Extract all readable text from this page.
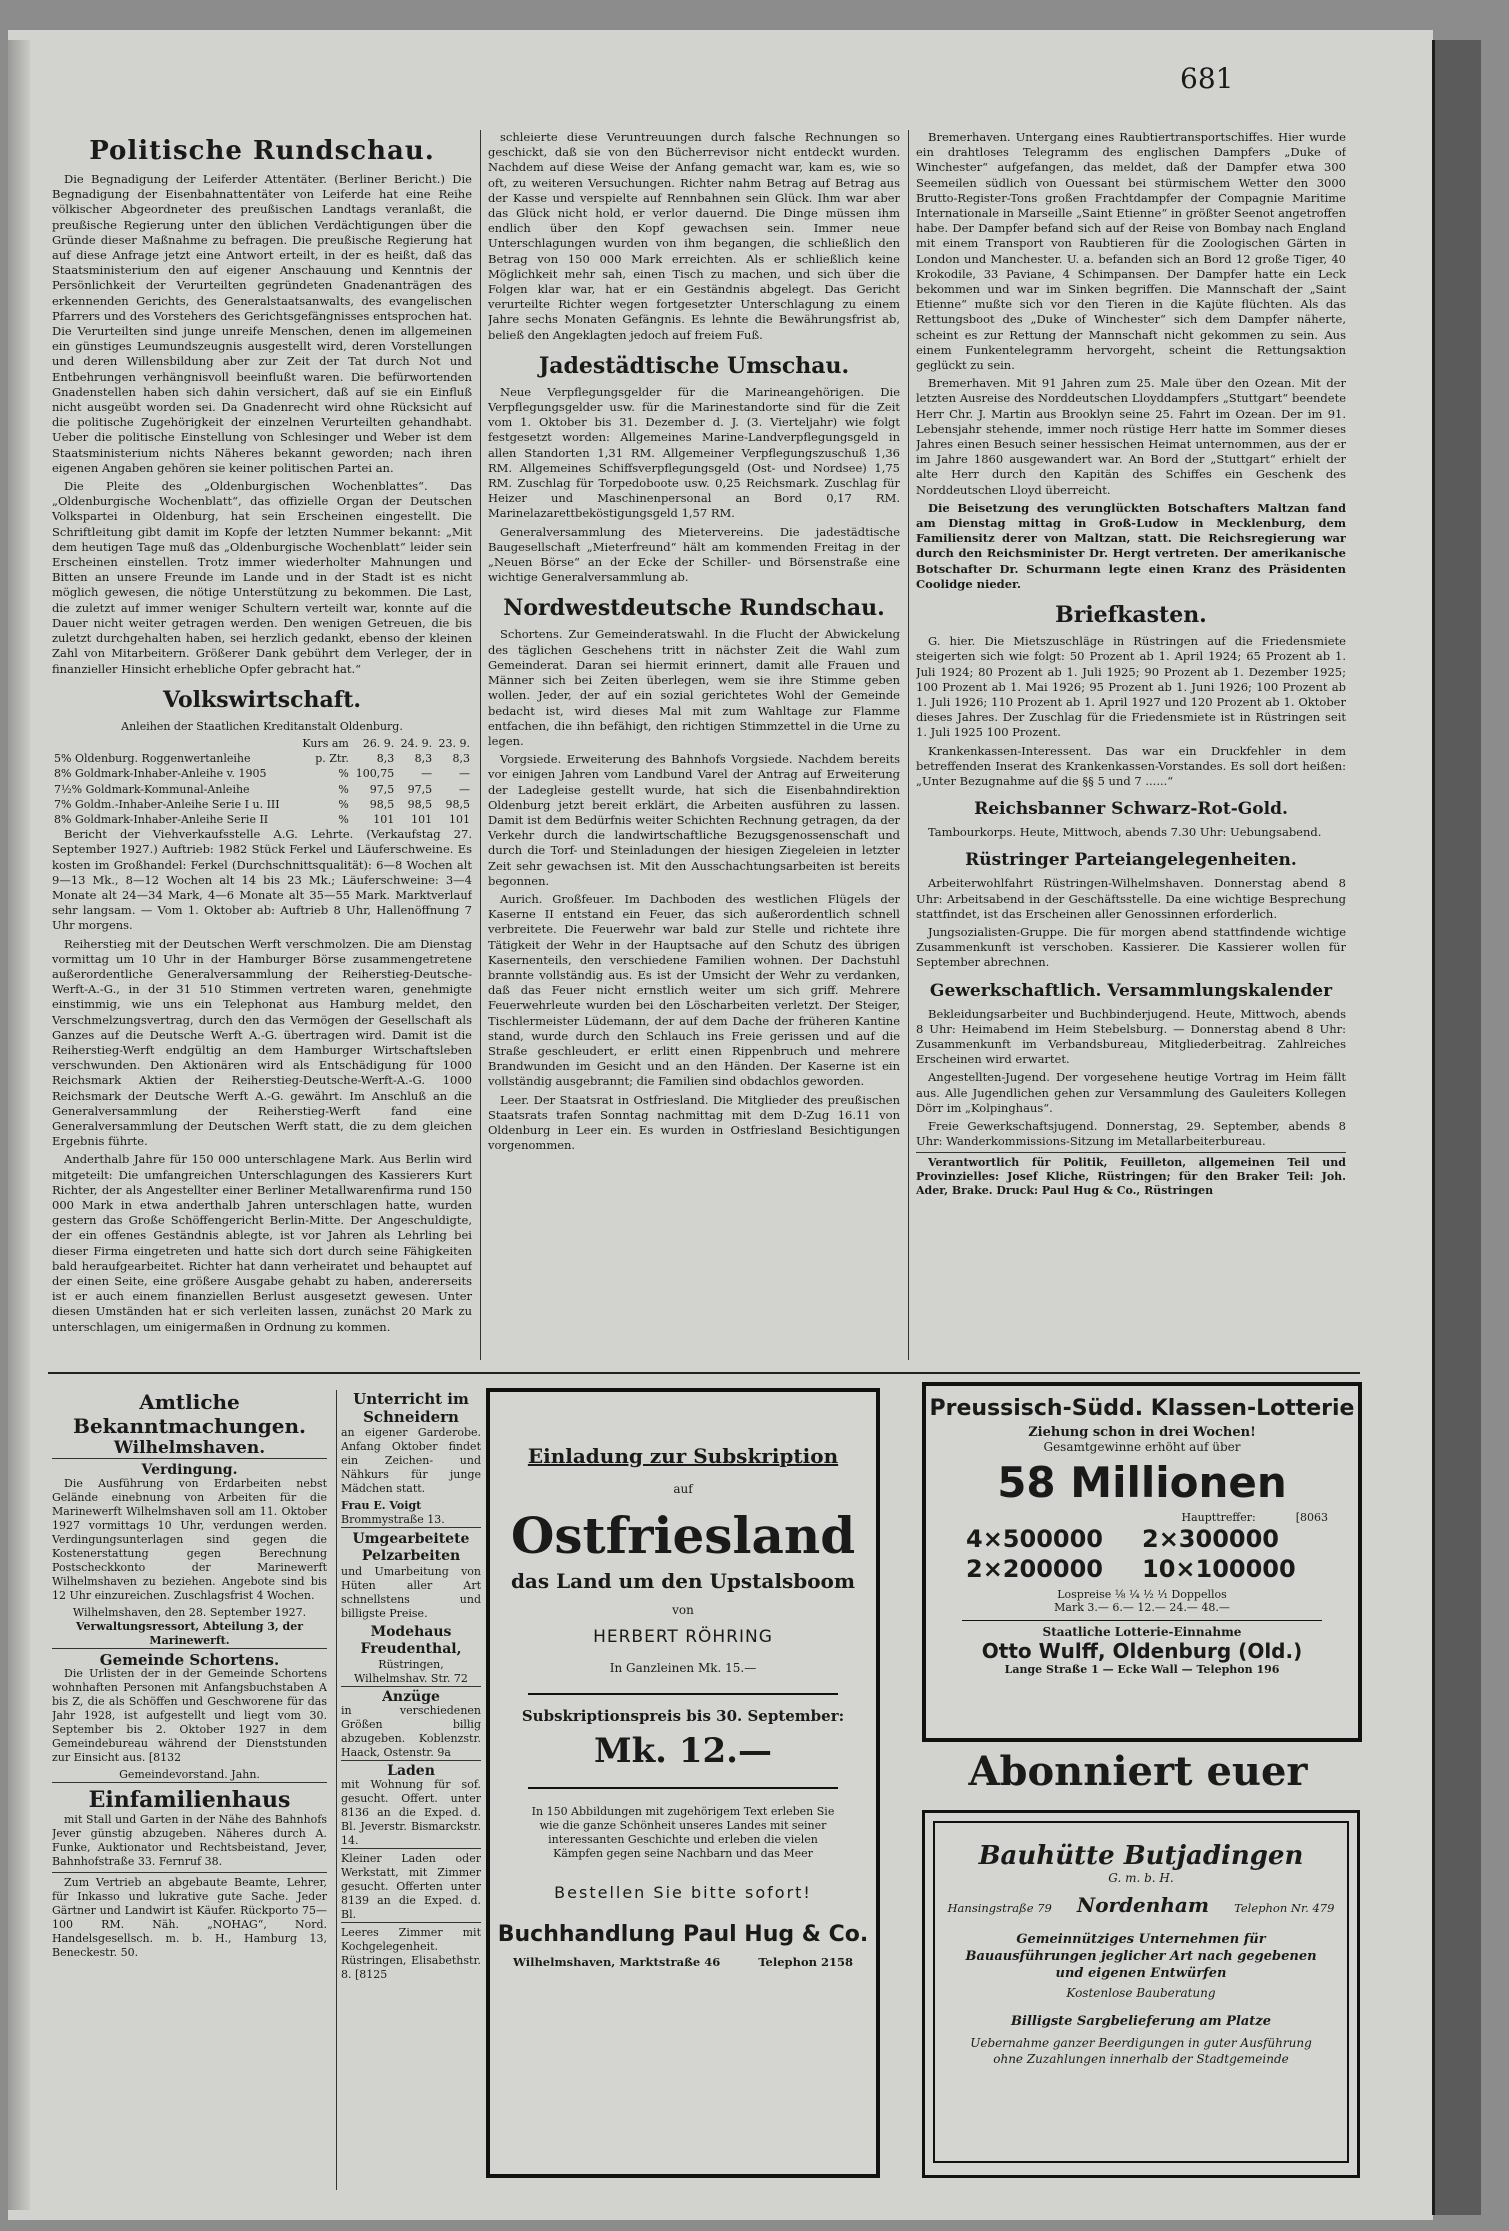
681
Politische Rundschau.

Die Begnadigung der Leiferder Attentäter. (Berliner Bericht.) Die Begnadigung der Eisenbahnattentäter von Leiferde hat eine Reihe völkischer Abgeordneter des preußischen Landtags veranlaßt, die preußische Regierung unter den üblichen Verdächtigungen über die Gründe dieser Maßnahme zu befragen. Die preußische Regierung hat auf diese Anfrage jetzt eine Antwort erteilt, in der es heißt, daß das Staatsministerium den auf eigener Anschauung und Kenntnis der Persönlichkeit der Verurteilten gegründeten Gnadenanträgen des erkennenden Gerichts, des Generalstaatsanwalts, des evangelischen Pfarrers und des Vorstehers des Gerichtsgefängnisses entsprochen hat. Die Verurteilten sind junge unreife Menschen, denen im allgemeinen ein günstiges Leumundszeugnis ausgestellt wird, deren Vorstellungen und deren Willensbildung aber zur Zeit der Tat durch Not und Entbehrungen verhängnisvoll beeinflußt waren. Die befürwortenden Gnadenstellen haben sich dahin versichert, daß auf sie ein Einfluß nicht ausgeübt worden sei. Da Gnadenrecht wird ohne Rücksicht auf die politische Zugehörigkeit der einzelnen Verurteilten gehandhabt. Ueber die politische Einstellung von Schlesinger und Weber ist dem Staatsministerium nichts Näheres bekannt geworden; nach ihren eigenen Angaben gehören sie keiner politischen Partei an.

Die Pleite des „Oldenburgischen Wochenblattes“. Das „Oldenburgische Wochenblatt“, das offizielle Organ der Deutschen Volkspartei in Oldenburg, hat sein Erscheinen eingestellt. Die Schriftleitung gibt damit im Kopfe der letzten Nummer bekannt: „Mit dem heutigen Tage muß das „Oldenburgische Wochenblatt“ leider sein Erscheinen einstellen. Trotz immer wiederholter Mahnungen und Bitten an unsere Freunde im Lande und in der Stadt ist es nicht möglich gewesen, die nötige Unterstützung zu bekommen. Die Last, die zuletzt auf immer weniger Schultern verteilt war, konnte auf die Dauer nicht weiter getragen werden. Den wenigen Getreuen, die bis zuletzt durchgehalten haben, sei herzlich gedankt, ebenso der kleinen Zahl von Mitarbeitern. Größerer Dank gebührt dem Verleger, der in finanzieller Hinsicht erhebliche Opfer gebracht hat.“

Volkswirtschaft.
Anleihen der Staatlichen Kreditanstalt Oldenburg.
	Kurs am	26. 9.	24. 9.	23. 9.
5% Oldenburg. Roggenwertanleihe	p. Ztr.	8,3	8,3	8,3
8% Goldmark-Inhaber-Anleihe v. 1905	%	100,75	—	—
7½% Goldmark-Kommunal-Anleihe	%	97,5	97,5	—
7% Goldm.-Inhaber-Anleihe Serie I u. III	%	98,5	98,5	98,5
8% Goldmark-Inhaber-Anleihe Serie II	%	101	101	101

Bericht der Viehverkaufsstelle A.G. Lehrte. (Verkaufstag 27. September 1927.) Auftrieb: 1982 Stück Ferkel und Läuferschweine. Es kosten im Großhandel: Ferkel (Durchschnittsqualität): 6—8 Wochen alt 9—13 Mk., 8—12 Wochen alt 14 bis 23 Mk.; Läuferschweine: 3—4 Monate alt 24—34 Mark, 4—6 Monate alt 35—55 Mark. Marktverlauf sehr langsam. — Vom 1. Oktober ab: Auftrieb 8 Uhr, Hallenöffnung 7 Uhr morgens.

Reiherstieg mit der Deutschen Werft verschmolzen. Die am Dienstag vormittag um 10 Uhr in der Hamburger Börse zusammengetretene außerordentliche Generalversammlung der Reiherstieg-Deutsche-Werft-A.-G., in der 31 510 Stimmen vertreten waren, genehmigte einstimmig, wie uns ein Telephonat aus Hamburg meldet, den Verschmelzungsvertrag, durch den das Vermögen der Gesellschaft als Ganzes auf die Deutsche Werft A.-G. übertragen wird. Damit ist die Reiherstieg-Werft endgültig an dem Hamburger Wirtschaftsleben verschwunden. Den Aktionären wird als Entschädigung für 1000 Reichsmark Aktien der Reiherstieg-Deutsche-Werft-A.-G. 1000 Reichsmark der Deutsche Werft A.-G. gewährt. Im Anschluß an die Generalversammlung der Reiherstieg-Werft fand eine Generalversammlung der Deutschen Werft statt, die zu dem gleichen Ergebnis führte.

Anderthalb Jahre für 150 000 unterschlagene Mark. Aus Berlin wird mitgeteilt: Die umfangreichen Unterschlagungen des Kassierers Kurt Richter, der als Angestellter einer Berliner Metallwarenfirma rund 150 000 Mark in etwa anderthalb Jahren unterschlagen hatte, wurden gestern das Große Schöffengericht Berlin-Mitte. Der Angeschuldigte, der ein offenes Geständnis ablegte, ist vor Jahren als Lehrling bei dieser Firma eingetreten und hatte sich dort durch seine Fähigkeiten bald heraufgearbeitet. Richter hat dann verheiratet und behauptet auf der einen Seite, eine größere Ausgabe gehabt zu haben, andererseits ist er auch einem finanziellen Berlust ausgesetzt gewesen. Unter diesen Umständen hat er sich verleiten lassen, zunächst 20 Mark zu unterschlagen, um einigermaßen in Ordnung zu kommen.

schleierte diese Veruntreuungen durch falsche Rechnungen so geschickt, daß sie von den Bücherrevisor nicht entdeckt wurden. Nachdem auf diese Weise der Anfang gemacht war, kam es, wie so oft, zu weiteren Versuchungen. Richter nahm Betrag auf Betrag aus der Kasse und verspielte auf Rennbahnen sein Glück. Ihm war aber das Glück nicht hold, er verlor dauernd. Die Dinge müssen ihm endlich über den Kopf gewachsen sein. Immer neue Unterschlagungen wurden von ihm begangen, die schließlich den Betrag von 150 000 Mark erreichten. Als er schließlich keine Möglichkeit mehr sah, einen Tisch zu machen, und sich über die Folgen klar war, hat er ein Geständnis abgelegt. Das Gericht verurteilte Richter wegen fortgesetzter Unterschlagung zu einem Jahre sechs Monaten Gefängnis. Es lehnte die Bewährungsfrist ab, beließ den Angeklagten jedoch auf freiem Fuß.

Jadestädtische Umschau.

Neue Verpflegungsgelder für die Marineangehörigen. Die Verpflegungsgelder usw. für die Marinestandorte sind für die Zeit vom 1. Oktober bis 31. Dezember d. J. (3. Vierteljahr) wie folgt festgesetzt worden: Allgemeines Marine-Landverpflegungsgeld in allen Standorten 1,31 RM. Allgemeiner Verpflegungszuschuß 1,36 RM. Allgemeines Schiffsverpflegungsgeld (Ost- und Nordsee) 1,75 RM. Zuschlag für Torpedoboote usw. 0,25 Reichsmark. Zuschlag für Heizer und Maschinenpersonal an Bord 0,17 RM. Marinelazarettbeköstigungsgeld 1,57 RM.

Generalversammlung des Mietervereins. Die jadestädtische Baugesellschaft „Mieterfreund“ hält am kommenden Freitag in der „Neuen Börse“ an der Ecke der Schiller- und Börsenstraße eine wichtige Generalversammlung ab.

Nordwestdeutsche Rundschau.

Schortens. Zur Gemeinderatswahl. In die Flucht der Abwickelung des täglichen Geschehens tritt in nächster Zeit die Wahl zum Gemeinderat. Daran sei hiermit erinnert, damit alle Frauen und Männer sich bei Zeiten überlegen, wem sie ihre Stimme geben wollen. Jeder, der auf ein sozial gerichtetes Wohl der Gemeinde bedacht ist, wird dieses Mal mit zum Wahltage zur Flamme entfachen, die ihn befähigt, den richtigen Stimmzettel in die Urne zu legen.

Vorgsiede. Erweiterung des Bahnhofs Vorgsiede. Nachdem bereits vor einigen Jahren vom Landbund Varel der Antrag auf Erweiterung der Ladegleise gestellt wurde, hat sich die Eisenbahndirektion Oldenburg jetzt bereit erklärt, die Arbeiten ausführen zu lassen. Damit ist dem Bedürfnis weiter Schichten Rechnung getragen, da der Verkehr durch die landwirtschaftliche Bezugsgenossenschaft und durch die Torf- und Steinladungen der hiesigen Ziegeleien in letzter Zeit sehr gewachsen ist. Mit den Ausschachtungsarbeiten ist bereits begonnen.

Aurich. Großfeuer. Im Dachboden des westlichen Flügels der Kaserne II entstand ein Feuer, das sich außerordentlich schnell verbreitete. Die Feuerwehr war bald zur Stelle und richtete ihre Tätigkeit der Wehr in der Hauptsache auf den Schutz des übrigen Kasernenteils, den verschiedene Familien wohnen. Der Dachstuhl brannte vollständig aus. Es ist der Umsicht der Wehr zu verdanken, daß das Feuer nicht ernstlich weiter um sich griff. Mehrere Feuerwehrleute wurden bei den Löscharbeiten verletzt. Der Steiger, Tischlermeister Lüdemann, der auf dem Dache der früheren Kantine stand, wurde durch den Schlauch ins Freie gerissen und auf die Straße geschleudert, er erlitt einen Rippenbruch und mehrere Brandwunden im Gesicht und an den Händen. Der Kaserne ist ein vollständig ausgebrannt; die Familien sind obdachlos geworden.

Leer. Der Staatsrat in Ostfriesland. Die Mitglieder des preußischen Staatsrats trafen Sonntag nachmittag mit dem D-Zug 16.11 von Oldenburg in Leer ein. Es wurden in Ostfriesland Besichtigungen vorgenommen.

Bremerhaven. Untergang eines Raubtiertransportschiffes. Hier wurde ein drahtloses Telegramm des englischen Dampfers „Duke of Winchester“ aufgefangen, das meldet, daß der Dampfer etwa 300 Seemeilen südlich von Ouessant bei stürmischem Wetter den 3000 Brutto-Register-Tons großen Frachtdampfer der Compagnie Maritime Internationale in Marseille „Saint Etienne“ in größter Seenot angetroffen habe. Der Dampfer befand sich auf der Reise von Bombay nach England mit einem Transport von Raubtieren für die Zoologischen Gärten in London und Manchester. U. a. befanden sich an Bord 12 große Tiger, 40 Krokodile, 33 Paviane, 4 Schimpansen. Der Dampfer hatte ein Leck bekommen und war im Sinken begriffen. Die Mannschaft der „Saint Etienne“ mußte sich vor den Tieren in die Kajüte flüchten. Als das Rettungsboot des „Duke of Winchester“ sich dem Dampfer näherte, scheint es zur Rettung der Mannschaft nicht gekommen zu sein. Aus einem Funkentelegramm hervorgeht, scheint die Rettungsaktion geglückt zu sein.

Bremerhaven. Mit 91 Jahren zum 25. Male über den Ozean. Mit der letzten Ausreise des Norddeutschen Lloyddampfers „Stuttgart“ beendete Herr Chr. J. Martin aus Brooklyn seine 25. Fahrt im Ozean. Der im 91. Lebensjahr stehende, immer noch rüstige Herr hatte im Sommer dieses Jahres einen Besuch seiner hessischen Heimat unternommen, aus der er im Jahre 1860 ausgewandert war. An Bord der „Stuttgart“ erhielt der alte Herr durch den Kapitän des Schiffes ein Geschenk des Norddeutschen Lloyd überreicht.

Die Beisetzung des verunglückten Botschafters Maltzan fand am Dienstag mittag in Groß-Ludow in Mecklenburg, dem Familiensitz derer von Maltzan, statt. Die Reichsregierung war durch den Reichsminister Dr. Hergt vertreten. Der amerikanische Botschafter Dr. Schurmann legte einen Kranz des Präsidenten Coolidge nieder.

Briefkasten.

G. hier. Die Mietszuschläge in Rüstringen auf die Friedensmiete steigerten sich wie folgt: 50 Prozent ab 1. April 1924; 65 Prozent ab 1. Juli 1924; 80 Prozent ab 1. Juli 1925; 90 Prozent ab 1. Dezember 1925; 100 Prozent ab 1. Mai 1926; 95 Prozent ab 1. Juni 1926; 100 Prozent ab 1. Juli 1926; 110 Prozent ab 1. April 1927 und 120 Prozent ab 1. Oktober dieses Jahres. Der Zuschlag für die Friedensmiete ist in Rüstringen seit 1. Juli 1925 100 Prozent.

Krankenkassen-Interessent. Das war ein Druckfehler in dem betreffenden Inserat des Krankenkassen-Vorstandes. Es soll dort heißen: „Unter Bezugnahme auf die §§ 5 und 7 ......“

Reichsbanner Schwarz-Rot-Gold.

Tambourkorps. Heute, Mittwoch, abends 7.30 Uhr: Uebungsabend.

Rüstringer Parteiangelegenheiten.

Arbeiterwohlfahrt Rüstringen-Wilhelmshaven. Donnerstag abend 8 Uhr: Arbeitsabend in der Geschäftsstelle. Da eine wichtige Besprechung stattfindet, ist das Erscheinen aller Genossinnen erforderlich.

Jungsozialisten-Gruppe. Die für morgen abend stattfindende wichtige Zusammenkunft ist verschoben. Kassierer. Die Kassierer wollen für September abrechnen.

Gewerkschaftlich. Versammlungskalender

Bekleidungsarbeiter und Buchbinderjugend. Heute, Mittwoch, abends 8 Uhr: Heimabend im Heim Stebelsburg. — Donnerstag abend 8 Uhr: Zusammenkunft im Verbandsbureau, Mitgliederbeitrag. Zahlreiches Erscheinen wird erwartet.

Angestellten-Jugend. Der vorgesehene heutige Vortrag im Heim fällt aus. Alle Jugendlichen gehen zur Versammlung des Gauleiters Kollegen Dörr im „Kolpinghaus“.

Freie Gewerkschaftsjugend. Donnerstag, 29. September, abends 8 Uhr: Wanderkommissions-Sitzung im Metallarbeiterbureau.

Verantwortlich für Politik, Feuilleton, allgemeinen Teil und Provinzielles: Josef Kliche, Rüstringen; für den Braker Teil: Joh. Ader, Brake. Druck: Paul Hug & Co., Rüstringen

Amtliche Bekanntmachungen.
Wilhelmshaven.
Verdingung.

Die Ausführung von Erdarbeiten nebst Gelände einebnung von Arbeiten für die Marinewerft Wilhelmshaven soll am 11. Oktober 1927 vormittags 10 Uhr, verdungen werden. Verdingungsunterlagen sind gegen die Kostenerstattung gegen Berechnung Postscheckkonto der Marinewerft Wilhelmshaven zu beziehen. Angebote sind bis 12 Uhr einzureichen. Zuschlagsfrist 4 Wochen.

Wilhelmshaven, den 28. September 1927.
Verwaltungsressort, Abteilung 3, der Marinewerft.
Gemeinde Schortens.

Die Urlisten der in der Gemeinde Schortens wohnhaften Personen mit Anfangsbuchstaben A bis Z, die als Schöffen und Geschworene für das Jahr 1928, ist aufgestellt und liegt vom 30. September bis 2. Oktober 1927 in dem Gemeindebureau während der Dienststunden zur Einsicht aus. [8132

Gemeindevorstand. Jahn.
Einfamilienhaus

mit Stall und Garten in der Nähe des Bahnhofs Jever günstig abzugeben. Näheres durch A. Funke, Auktionator und Rechtsbeistand, Jever, Bahnhofstraße 33. Fernruf 38.

Zum Vertrieb an abgebaute Beamte, Lehrer, für Inkasso und lukrative gute Sache. Jeder Gärtner und Landwirt ist Käufer. Rückporto 75—100 RM. Näh. „NOHAG“, Nord. Handelsgesellsch. m. b. H., Hamburg 13, Beneckestr. 50.

Unterricht im Schneidern

an eigener Garderobe. Anfang Oktober findet ein Zeichen- und Nähkurs für junge Mädchen statt.

Frau E. Voigt
Brommystraße 13.
Umgearbeitete Pelzarbeiten

und Umarbeitung von Hüten aller Art schnellstens und billigste Preise.

Modehaus Freudenthal,
Rüstringen, Wilhelmshav. Str. 72
Anzüge

in verschiedenen Größen billig abzugeben. Koblenzstr. Haack, Ostenstr. 9a

Laden

mit Wohnung für sof. gesucht. Offert. unter 8136 an die Exped. d. Bl. Jeverstr. Bismarckstr. 14.

Kleiner Laden oder Werkstatt, mit Zimmer gesucht. Offerten unter 8139 an die Exped. d. Bl.

Leeres Zimmer mit Kochgelegenheit. Rüstringen, Elisabethstr. 8. [8125

Einladung zur Subskription
auf
Ostfriesland
das Land um den Upstalsboom
von
HERBERT RÖHRING
In Ganzleinen Mk. 15.—
Subskriptionspreis bis 30. September:
Mk. 12.—
In 150 Abbildungen mit zugehörigem Text erleben Sie wie die ganze Schönheit unseres Landes mit seiner interessanten Geschichte und erleben die vielen Kämpfen gegen seine Nachbarn und das Meer
Bestellen Sie bitte sofort!
Buchhandlung Paul Hug & Co.
Wilhelmshaven, Marktstraße 46	Telephon 2158
Preussisch-Südd. Klassen-Lotterie
Ziehung schon in drei Wochen!
Gesamtgewinne erhöht auf über
58 Millionen
Haupttreffer:	[8063
4×500000	2×300000
2×200000	10×100000
Lospreise ⅛ ¼ ½ ¹⁄₁ Doppellos
Mark 3.— 6.— 12.— 24.— 48.—
Staatliche Lotterie-Einnahme
Otto Wulff, Oldenburg (Old.)
Lange Straße 1 — Ecke Wall — Telephon 196
Abonniert euer
Bauhütte Butjadingen
G. m. b. H.
Hansingstraße 79 Nordenham Telephon Nr. 479
Gemeinnütziges Unternehmen für Bauausführungen jeglicher Art nach gegebenen und eigenen Entwürfen
Kostenlose Bauberatung
Billigste Sargbelieferung am Platze
Uebernahme ganzer Beerdigungen in guter Ausführung ohne Zuzahlungen innerhalb der Stadtgemeinde
